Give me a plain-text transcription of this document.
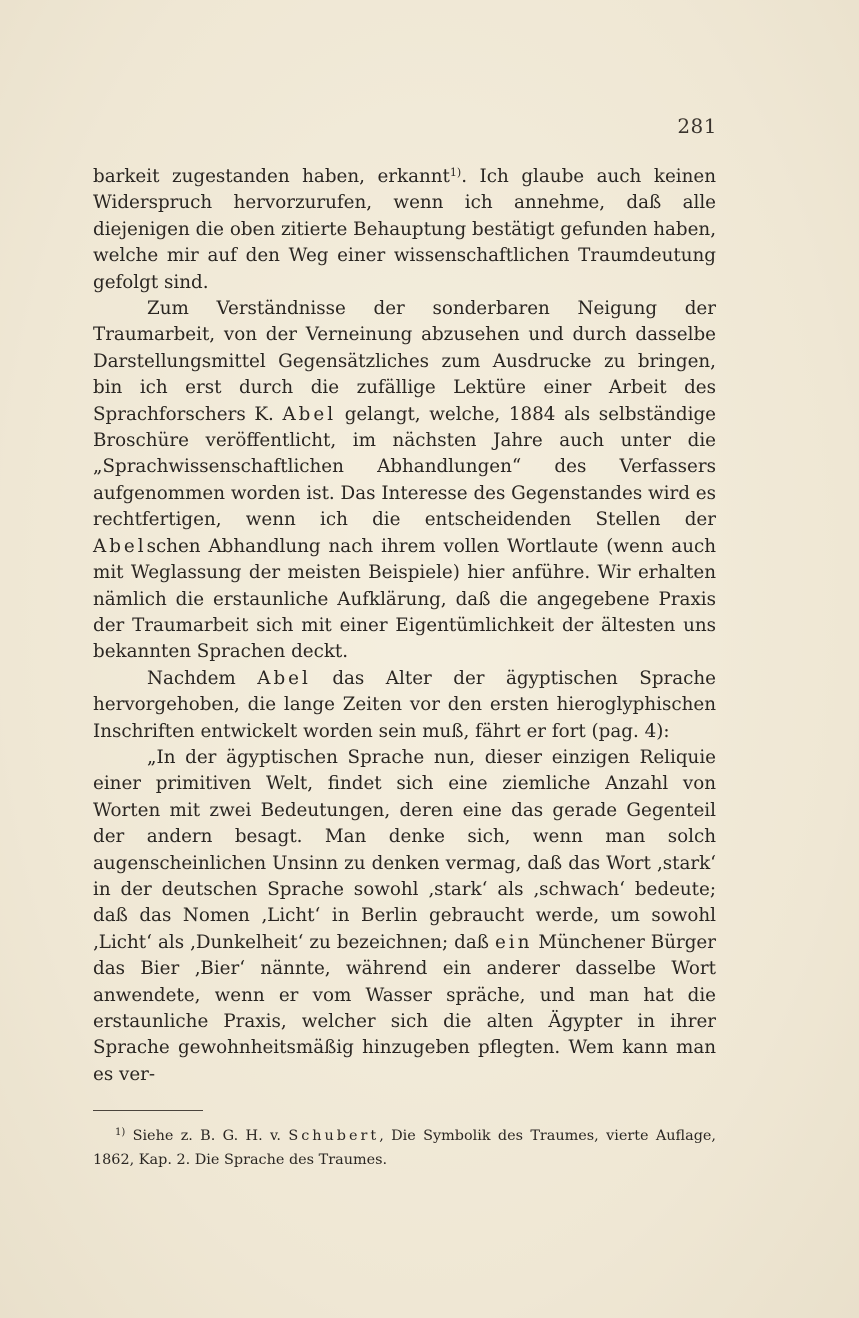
281

barkeit zugestanden haben, erkannt$^{1)}$. Ich glaube auch keinen Widerspruch hervorzurufen, wenn ich annehme, daß alle diejenigen die oben zitierte Behauptung bestätigt gefunden haben, welche mir auf den Weg einer wissenschaftlichen Traumdeutung gefolgt sind.

Zum Verständnisse der sonderbaren Neigung der Traumarbeit, von der Verneinung abzusehen und durch dasselbe Darstellungsmittel Gegensätzliches zum Ausdrucke zu bringen, bin ich erst durch die zufällige Lektüre einer Arbeit des Sprachforschers K. Abel gelangt, welche, 1884 als selbständige Broschüre veröffentlicht, im nächsten Jahre auch unter die „Sprachwissenschaftlichen Abhandlungen“ des Verfassers aufgenommen worden ist. Das Interesse des Gegenstandes wird es rechtfertigen, wenn ich die entscheidenden Stellen der Abelschen Abhandlung nach ihrem vollen Wortlaute (wenn auch mit Weglassung der meisten Beispiele) hier anführe. Wir erhalten nämlich die erstaunliche Aufklärung, daß die angegebene Praxis der Traumarbeit sich mit einer Eigentümlichkeit der ältesten uns bekannten Sprachen deckt.

Nachdem Abel das Alter der ägyptischen Sprache hervorgehoben, die lange Zeiten vor den ersten hieroglyphischen Inschriften entwickelt worden sein muß, fährt er fort (pag. 4):

„In der ägyptischen Sprache nun, dieser einzigen Reliquie einer primitiven Welt, findet sich eine ziemliche Anzahl von Worten mit zwei Bedeutungen, deren eine das gerade Gegenteil der andern besagt. Man denke sich, wenn man solch augenscheinlichen Unsinn zu denken vermag, daß das Wort ‚stark‘ in der deutschen Sprache sowohl ‚stark‘ als ‚schwach‘ bedeute; daß das Nomen ‚Licht‘ in Berlin gebraucht werde, um sowohl ‚Licht‘ als ‚Dunkelheit‘ zu bezeichnen; daß ein Münchener Bürger das Bier ‚Bier‘ nännte, während ein anderer dasselbe Wort anwendete, wenn er vom Wasser spräche, und man hat die erstaunliche Praxis, welcher sich die alten Ägypter in ihrer Sprache gewohnheitsmäßig hinzugeben pflegten. Wem kann man es ver-

$^{1)}$ Siehe z. B. G. H. v. Schubert, Die Symbolik des Traumes, vierte Auflage, 1862, Kap. 2. Die Sprache des Traumes.
